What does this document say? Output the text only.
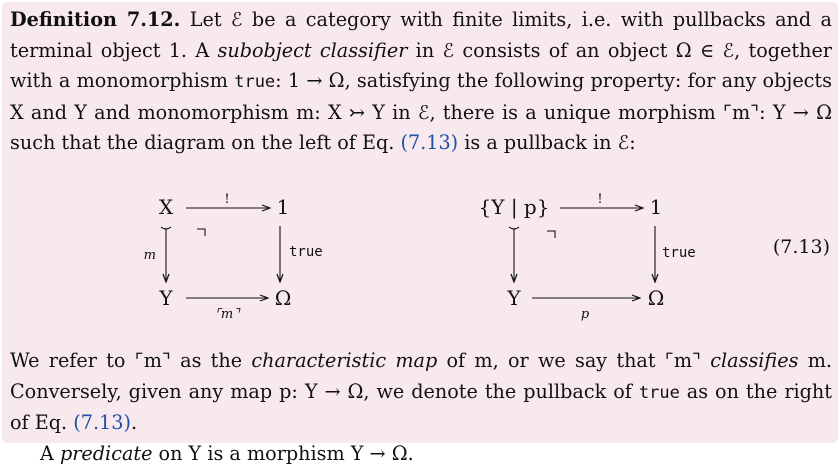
Definition 7.12. Let ℰ be a category with finite limits, i.e. with pullbacks and a terminal object 1. A subobject classifier in ℰ consists of an object Ω ∈ ℰ, together with a monomorphism true: 1 → Ω, satisfying the following property: for any objects X and Y and monomorphism m: X ↣ Y in ℰ, there is a unique morphism ⌜m⌝: Y → Ω such that the diagram on the left of Eq. (7.13) is a pullback in ℰ:
X	1
Y	Ω
!
⌜m⌝
m	true
{Y | p}	1
Y	Ω
!
p
true	(7.13)
We refer to ⌜m⌝ as the characteristic map of m, or we say that ⌜m⌝ classifies m. Conversely, given any map p: Y → Ω, we denote the pullback of true as on the right of Eq. (7.13).
A predicate on Y is a morphism Y → Ω.
